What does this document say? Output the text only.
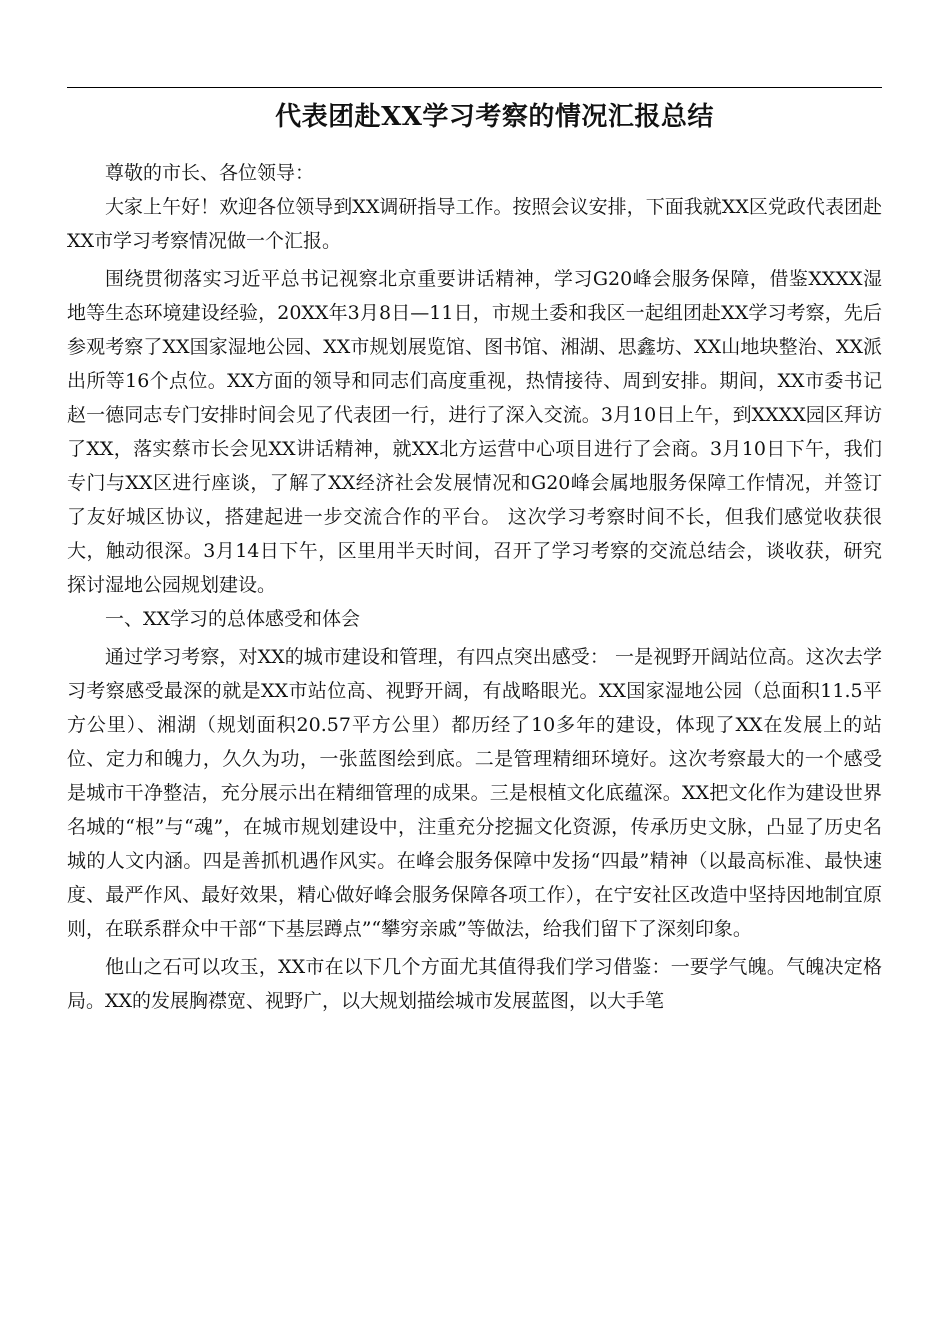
代表团赴XX学习考察的情况汇报总结

尊敬的市长、各位领导：

大家上午好！欢迎各位领导到XX调研指导工作。按照会议安排，下面我就XX区党政代表团赴XX市学习考察情况做一个汇报。

围绕贯彻落实习近平总书记视察北京重要讲话精神，学习G20峰会服务保障，借鉴XXXX湿地等生态环境建设经验，20XX年3月8日—11日，市规土委和我区一起组团赴XX学习考察，先后参观考察了XX国家湿地公园、XX市规划展览馆、图书馆、湘湖、思鑫坊、XX山地块整治、XX派出所等16个点位。XX方面的领导和同志们高度重视，热情接待、周到安排。期间，XX市委书记赵一德同志专门安排时间会见了代表团一行，进行了深入交流。3月10日上午，到XXXX园区拜访了XX，落实蔡市长会见XX讲话精神，就XX北方运营中心项目进行了会商。3月10日下午，我们专门与XX区进行座谈，了解了XX经济社会发展情况和G20峰会属地服务保障工作情况，并签订了友好城区协议，搭建起进一步交流合作的平台。 这次学习考察时间不长，但我们感觉收获很大，触动很深。3月14日下午，区里用半天时间，召开了学习考察的交流总结会，谈收获，研究探讨湿地公园规划建设。

一、XX学习的总体感受和体会

通过学习考察，对XX的城市建设和管理，有四点突出感受： 一是视野开阔站位高。这次去学习考察感受最深的就是XX市站位高、视野开阔，有战略眼光。XX国家湿地公园（总面积11.5平方公里）、湘湖（规划面积20.57平方公里）都历经了10多年的建设，体现了XX在发展上的站位、定力和魄力，久久为功，一张蓝图绘到底。二是管理精细环境好。这次考察最大的一个感受是城市干净整洁，充分展示出在精细管理的成果。三是根植文化底蕴深。XX把文化作为建设世界名城的“根”与“魂”，在城市规划建设中，注重充分挖掘文化资源，传承历史文脉，凸显了历史名城的人文内涵。四是善抓机遇作风实。在峰会服务保障中发扬“四最”精神（以最高标准、最快速度、最严作风、最好效果，精心做好峰会服务保障各项工作），在宁安社区改造中坚持因地制宜原则，在联系群众中干部“下基层蹲点”“攀穷亲戚”等做法，给我们留下了深刻印象。

他山之石可以攻玉，XX市在以下几个方面尤其值得我们学习借鉴：一要学气魄。气魄决定格局。XX的发展胸襟宽、视野广，以大规划描绘城市发展蓝图，以大手笔
